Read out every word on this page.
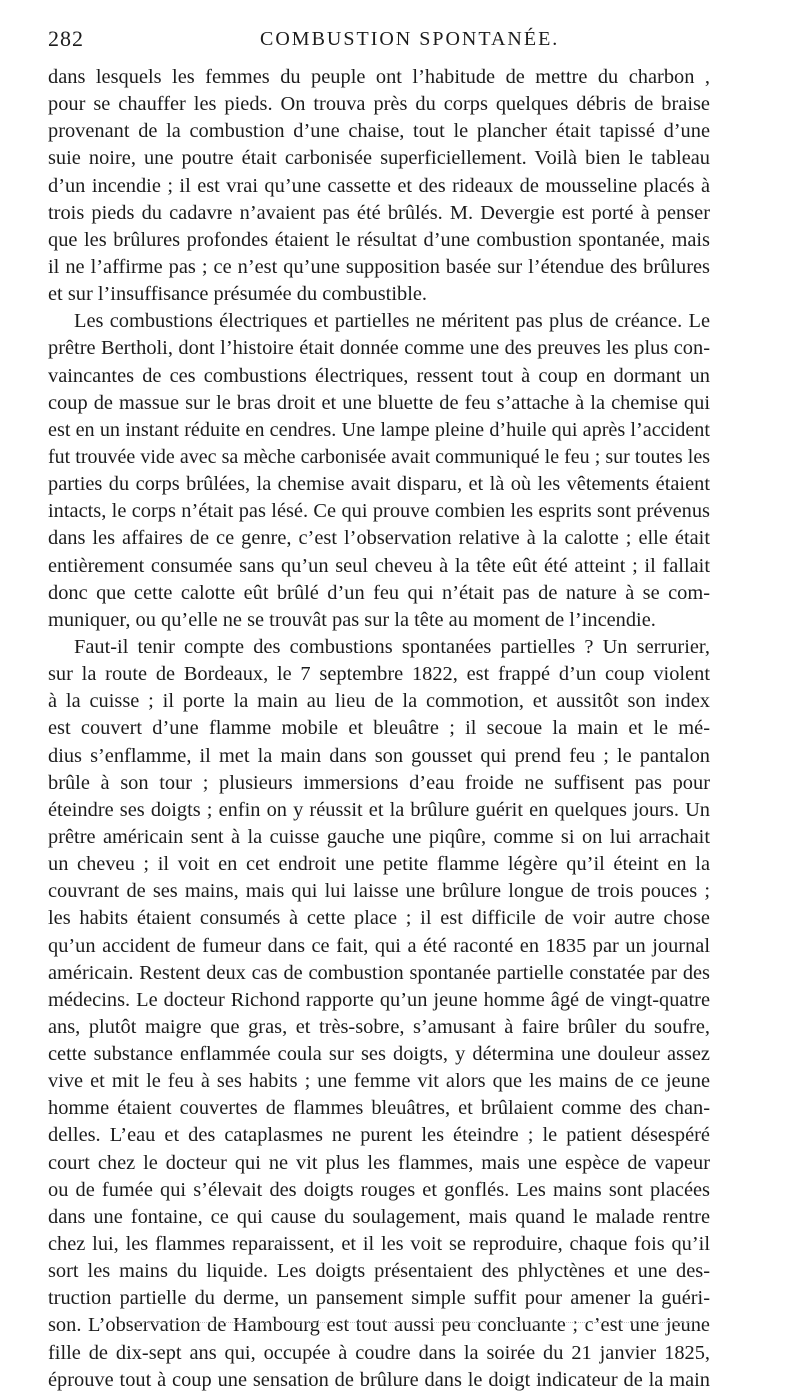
282	COMBUSTION SPONTANÉE.
dans lesquels les femmes du peuple ont l’habitude de mettre du charbon ,
pour se chauffer les pieds. On trouva près du corps quelques débris de braise
provenant de la combustion d’une chaise, tout le plancher était tapissé d’une
suie noire, une poutre était carbonisée superficiellement. Voilà bien le tableau
d’un incendie ; il est vrai qu’une cassette et des rideaux de mousseline placés à
trois pieds du cadavre n’avaient pas été brûlés. M. Devergie est porté à penser
que les brûlures profondes étaient le résultat d’une combustion spontanée, mais
il ne l’affirme pas ; ce n’est qu’une supposition basée sur l’étendue des brûlures
et sur l’insuffisance présumée du combustible.
Les combustions électriques et partielles ne méritent pas plus de créance. Le
prêtre Bertholi, dont l’histoire était donnée comme une des preuves les plus con-
vaincantes de ces combustions électriques, ressent tout à coup en dormant un
coup de massue sur le bras droit et une bluette de feu s’attache à la chemise qui
est en un instant réduite en cendres. Une lampe pleine d’huile qui après l’accident
fut trouvée vide avec sa mèche carbonisée avait communiqué le feu ; sur toutes les
parties du corps brûlées, la chemise avait disparu, et là où les vêtements étaient
intacts, le corps n’était pas lésé. Ce qui prouve combien les esprits sont prévenus
dans les affaires de ce genre, c’est l’observation relative à la calotte ; elle était
entièrement consumée sans qu’un seul cheveu à la tête eût été atteint ; il fallait
donc que cette calotte eût brûlé d’un feu qui n’était pas de nature à se com-
muniquer, ou qu’elle ne se trouvât pas sur la tête au moment de l’incendie.
Faut-il tenir compte des combustions spontanées partielles ? Un serrurier,
sur la route de Bordeaux, le 7 septembre 1822, est frappé d’un coup violent
à la cuisse ; il porte la main au lieu de la commotion, et aussitôt son index
est couvert d’une flamme mobile et bleuâtre ; il secoue la main et le mé-
dius s’enflamme, il met la main dans son gousset qui prend feu ; le pantalon
brûle à son tour ; plusieurs immersions d’eau froide ne suffisent pas pour
éteindre ses doigts ; enfin on y réussit et la brûlure guérit en quelques jours. Un
prêtre américain sent à la cuisse gauche une piqûre, comme si on lui arrachait
un cheveu ; il voit en cet endroit une petite flamme légère qu’il éteint en la
couvrant de ses mains, mais qui lui laisse une brûlure longue de trois pouces ;
les habits étaient consumés à cette place ; il est difficile de voir autre chose
qu’un accident de fumeur dans ce fait, qui a été raconté en 1835 par un journal
américain. Restent deux cas de combustion spontanée partielle constatée par des
médecins. Le docteur Richond rapporte qu’un jeune homme âgé de vingt-quatre
ans, plutôt maigre que gras, et très-sobre, s’amusant à faire brûler du soufre,
cette substance enflammée coula sur ses doigts, y détermina une douleur assez
vive et mit le feu à ses habits ; une femme vit alors que les mains de ce jeune
homme étaient couvertes de flammes bleuâtres, et brûlaient comme des chan-
delles. L’eau et des cataplasmes ne purent les éteindre ; le patient désespéré
court chez le docteur qui ne vit plus les flammes, mais une espèce de vapeur
ou de fumée qui s’élevait des doigts rouges et gonflés. Les mains sont placées
dans une fontaine, ce qui cause du soulagement, mais quand le malade rentre
chez lui, les flammes reparaissent, et il les voit se reproduire, chaque fois qu’il
sort les mains du liquide. Les doigts présentaient des phlyctènes et une des-
truction partielle du derme, un pansement simple suffit pour amener la guéri-
son. L’observation de Hambourg est tout aussi peu concluante ; c’est une jeune
fille de dix-sept ans qui, occupée à coudre dans la soirée du 21 janvier 1825,
éprouve tout à coup une sensation de brûlure dans le doigt indicateur de la main
